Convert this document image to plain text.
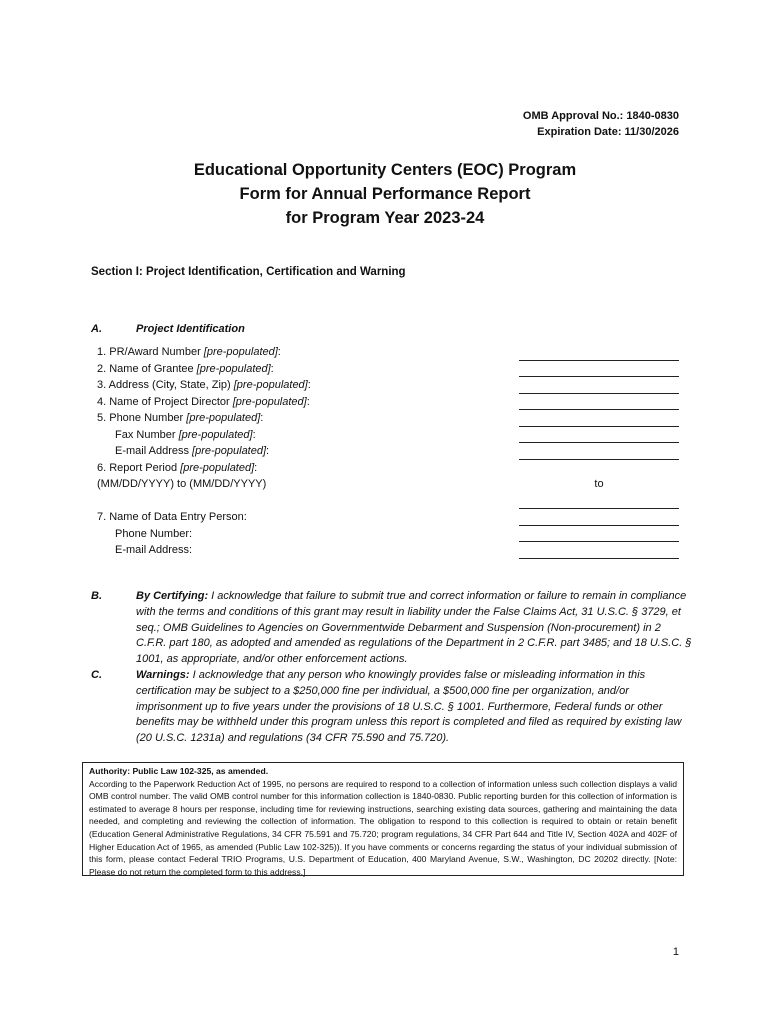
OMB Approval No.: 1840-0830
Expiration Date: 11/30/2026
Educational Opportunity Centers (EOC) Program
Form for Annual Performance Report
for Program Year 2023-24
Section I: Project Identification, Certification and Warning
A.	Project Identification
1. PR/Award Number [pre-populated]:
2. Name of Grantee [pre-populated]:
3. Address (City, State, Zip) [pre-populated]:
4. Name of Project Director [pre-populated]:
5. Phone Number [pre-populated]:
Fax Number [pre-populated]:
E-mail Address [pre-populated]:
6. Report Period [pre-populated]:
(MM/DD/YYYY) to (MM/DD/YYYY)
7. Name of Data Entry Person:
Phone Number:
E-mail Address:
to
B.	By Certifying: I acknowledge that failure to submit true and correct information or failure to remain in compliance with the terms and conditions of this grant may result in liability under the False Claims Act, 31 U.S.C. § 3729, et seq.; OMB Guidelines to Agencies on Governmentwide Debarment and Suspension (Non-procurement) in 2 C.F.R. part 180, as adopted and amended as regulations of the Department in 2 C.F.R. part 3485; and 18 U.S.C. § 1001, as appropriate, and/or other enforcement actions.
C.	Warnings: I acknowledge that any person who knowingly provides false or misleading information in this certification may be subject to a $250,000 fine per individual, a $500,000 fine per organization, and/or imprisonment up to five years under the provisions of 18 U.S.C. § 1001. Furthermore, Federal funds or other benefits may be withheld under this program unless this report is completed and filed as required by existing law (20 U.S.C. 1231a) and regulations (34 CFR 75.590 and 75.720).
Authority: Public Law 102-325, as amended.
According to the Paperwork Reduction Act of 1995, no persons are required to respond to a collection of information unless such collection displays a valid OMB control number. The valid OMB control number for this information collection is 1840-0830. Public reporting burden for this collection of information is estimated to average 8 hours per response, including time for reviewing instructions, searching existing data sources, gathering and maintaining the data needed, and completing and reviewing the collection of information. The obligation to respond to this collection is required to obtain or retain benefit (Education General Administrative Regulations, 34 CFR 75.591 and 75.720; program regulations, 34 CFR Part 644 and Title IV, Section 402A and 402F of Higher Education Act of 1965, as amended (Public Law 102-325)). If you have comments or concerns regarding the status of your individual submission of this form, please contact Federal TRIO Programs, U.S. Department of Education, 400 Maryland Avenue, S.W., Washington, DC 20202 directly. [Note: Please do not return the completed form to this address.]
1
